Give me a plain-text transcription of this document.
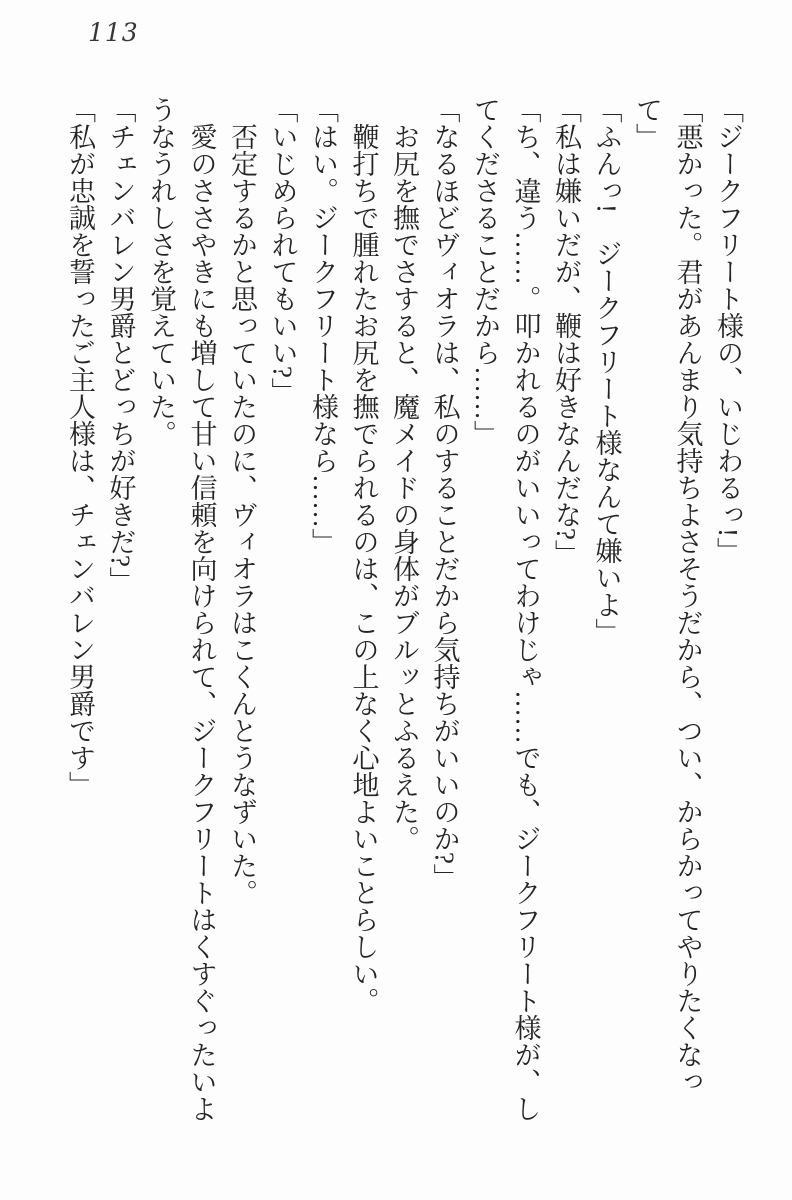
113
「ジークフリート様の、いじわるっ!」
「悪かった。君があんまり気持ちよさそうだから、つい、からかってやりたくなっ
て」
「ふんっ!　ジークフリート様なんて嫌いよ」
「私は嫌いだが、鞭は好きなんだな?」
「ち、違う……。叩かれるのがいいってわけじゃ……でも、ジークフリート様が、し
てくださることだから……」
「なるほどヴィオラは、私のすることだから気持ちがいいのか?」
お尻を撫でさすると、魔メイドの身体がブルッとふるえた。
鞭打ちで腫れたお尻を撫でられるのは、この上なく心地よいことらしい。
「はい。ジークフリート様なら……」
「いじめられてもいい?」
否定するかと思っていたのに、ヴィオラはこくんとうなずいた。
愛のささやきにも増して甘い信頼を向けられて、ジークフリートはくすぐったいよ
うなうれしさを覚えていた。
「チェンバレン男爵とどっちが好きだ?」
「私が忠誠を誓ったご主人様は、チェンバレン男爵です」
